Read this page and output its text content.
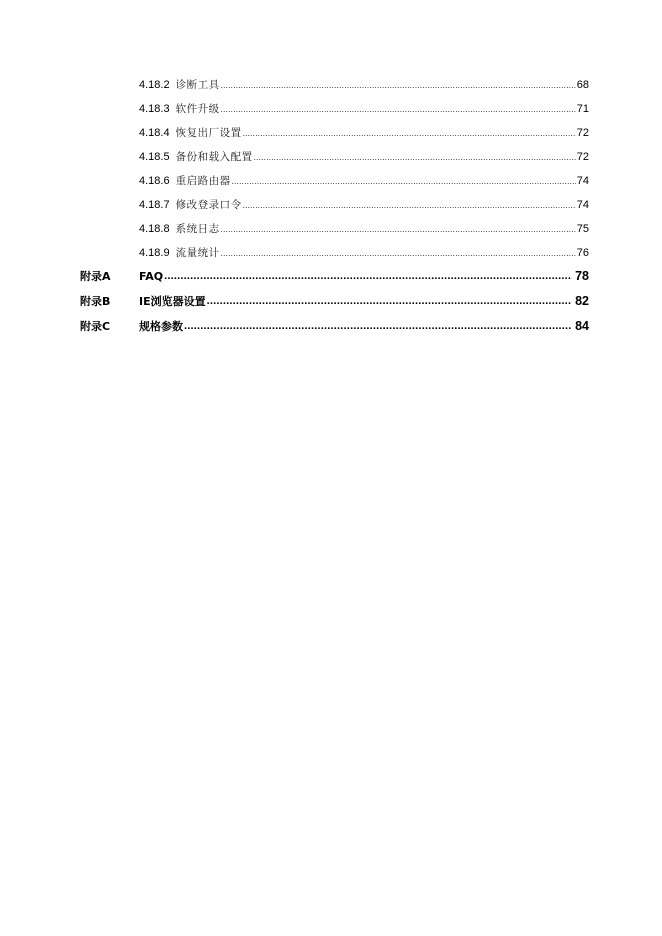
4.18.2 诊断工具 .....	68
4.18.3 软件升级 .....	71
4.18.4 恢复出厂设置 .....	72
4.18.5 备份和载入配置 .....	72
4.18.6 重启路由器 .....	74
4.18.7 修改登录口令 .....	74
4.18.8 系统日志 .....	75
4.18.9 流量统计 .....	76
附录A	FAQ .....	78
附录B	IE浏览器设置 .....	82
附录C	规格参数 .....	84
